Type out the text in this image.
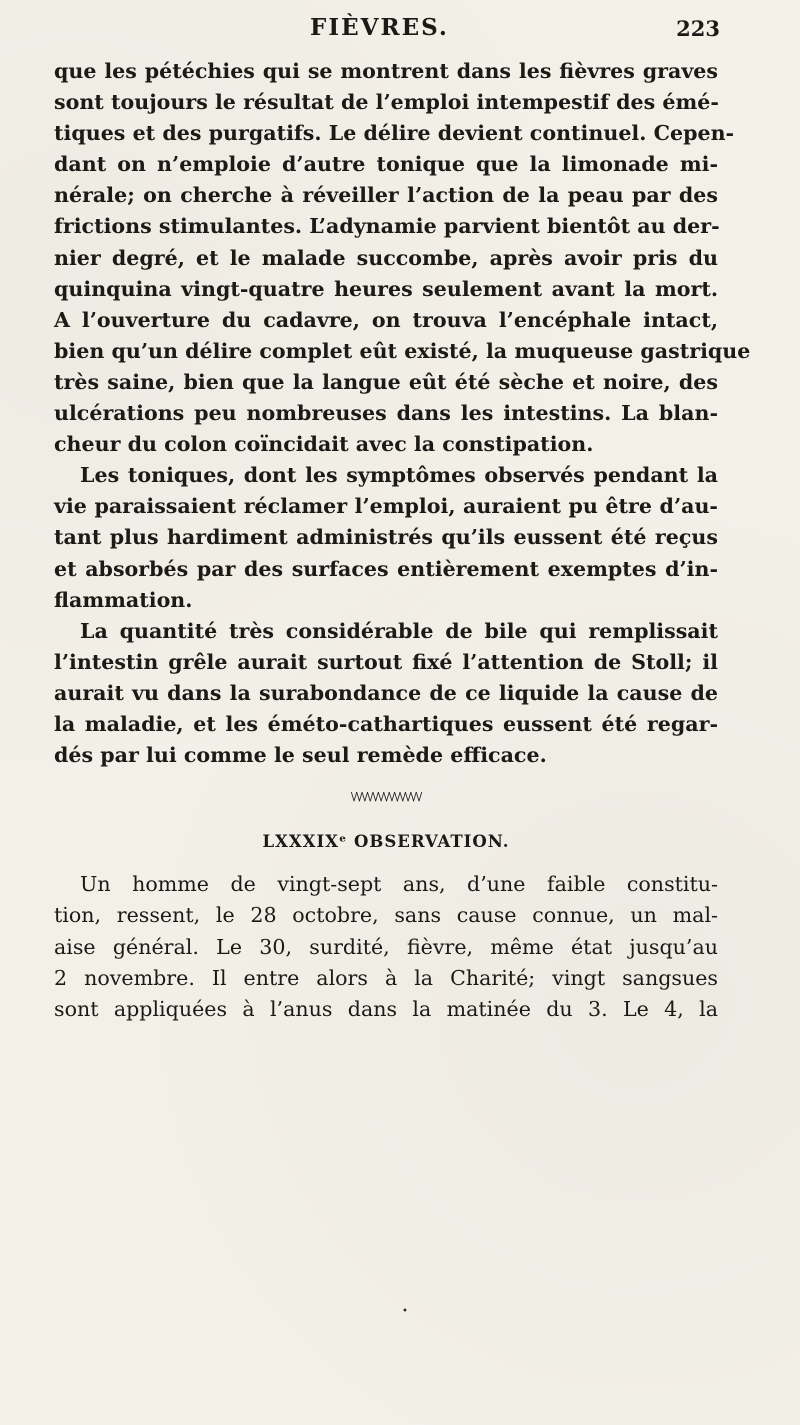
FIÈVRES.	223
que les pétéchies qui se montrent dans les fièvres graves
sont toujours le résultat de l’emploi intempestif des émé-
tiques et des purgatifs. Le délire devient continuel. Cepen-
dant on n’emploie d’autre tonique que la limonade mi-
nérale; on cherche à réveiller l’action de la peau par des
frictions stimulantes. L’adynamie parvient bientôt au der-
nier degré, et le malade succombe, après avoir pris du
quinquina vingt-quatre heures seulement avant la mort.
A l’ouverture du cadavre, on trouva l’encéphale intact,
bien qu’un délire complet eût existé, la muqueuse gastrique
très saine, bien que la langue eût été sèche et noire, des
ulcérations peu nombreuses dans les intestins. La blan-
cheur du colon coïncidait avec la constipation.
Les toniques, dont les symptômes observés pendant la
vie paraissaient réclamer l’emploi, auraient pu être d’au-
tant plus hardiment administrés qu’ils eussent été reçus
et absorbés par des surfaces entièrement exemptes d’in-
flammation.
La quantité très considérable de bile qui remplissait
l’intestin grêle aurait surtout fixé l’attention de Stoll; il
aurait vu dans la surabondance de ce liquide la cause de
la maladie, et les émétо-cathartiques eussent été regar-
dés par lui comme le seul remède efficace.
\/\/\/\/\/\/\/\/\/\/\/\/\/
LXXXIXᵉ OBSERVATION.
Un homme de vingt-sept ans, d’une faible constitu-
tion, ressent, le 28 octobre, sans cause connue, un mal-
aise général. Le 30, surdité, fièvre, même état jusqu’au
2 novembre. Il entre alors à la Charité; vingt sangsues
sont appliquées à l’anus dans la matinée du 3. Le 4, la
•
